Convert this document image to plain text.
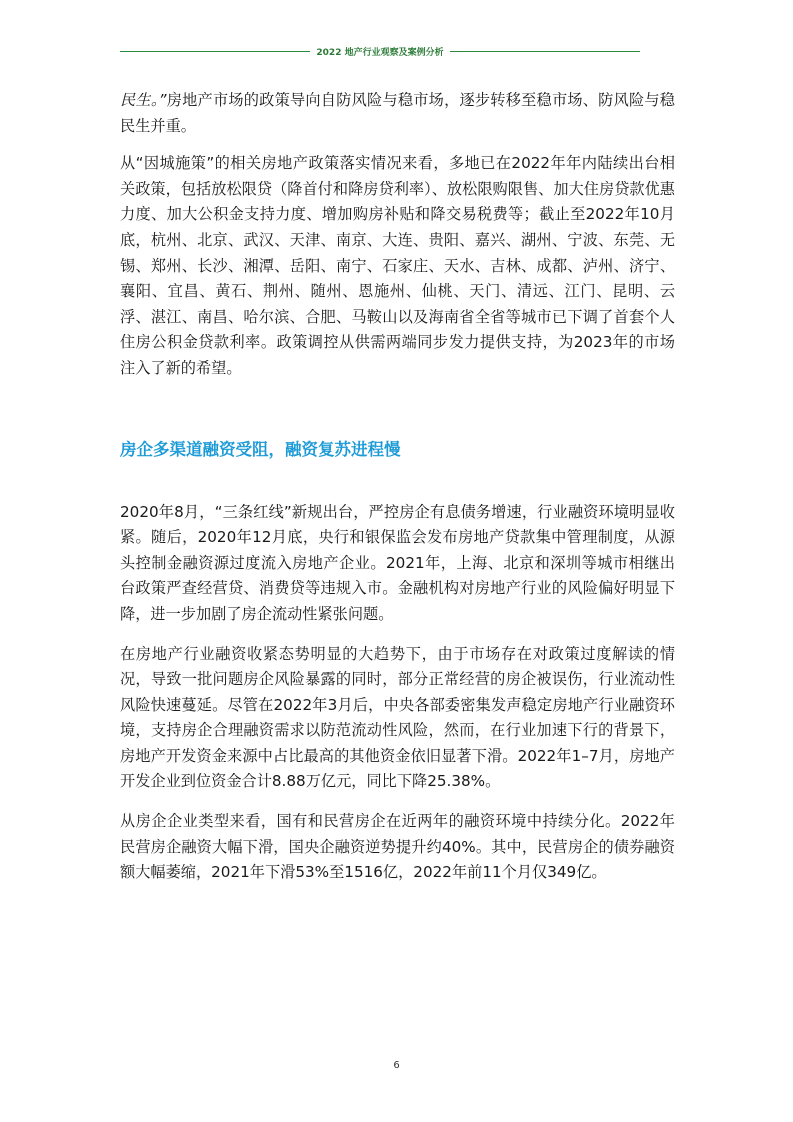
2022 地产行业观察及案例分析

民生。”房地产市场的政策导向自防风险与稳市场，逐步转移至稳市场、防风险与稳民生并重。

从“因城施策”的相关房地产政策落实情况来看，多地已在2022年年内陆续出台相关政策，包括放松限贷（降首付和降房贷利率）、放松限购限售、加大住房贷款优惠力度、加大公积金支持力度、增加购房补贴和降交易税费等；截止至2022年10月底，杭州、北京、武汉、天津、南京、大连、贵阳、嘉兴、湖州、宁波、东莞、无锡、郑州、长沙、湘潭、岳阳、南宁、石家庄、天水、吉林、成都、泸州、济宁、襄阳、宜昌、黄石、荆州、随州、恩施州、仙桃、天门、清远、江门、昆明、云浮、湛江、南昌、哈尔滨、合肥、马鞍山以及海南省全省等城市已下调了首套个人住房公积金贷款利率。政策调控从供需两端同步发力提供支持，为2023年的市场注入了新的希望。

房企多渠道融资受阻，融资复苏进程慢

2020年8月，“三条红线”新规出台，严控房企有息债务增速，行业融资环境明显收紧。随后，2020年12月底，央行和银保监会发布房地产贷款集中管理制度，从源头控制金融资源过度流入房地产企业。2021年，上海、北京和深圳等城市相继出台政策严查经营贷、消费贷等违规入市。金融机构对房地产行业的风险偏好明显下降，进一步加剧了房企流动性紧张问题。

在房地产行业融资收紧态势明显的大趋势下，由于市场存在对政策过度解读的情况，导致一批问题房企风险暴露的同时，部分正常经营的房企被误伤，行业流动性风险快速蔓延。尽管在2022年3月后，中央各部委密集发声稳定房地产行业融资环境，支持房企合理融资需求以防范流动性风险，然而，在行业加速下行的背景下，房地产开发资金来源中占比最高的其他资金依旧显著下滑。2022年1–7月，房地产开发企业到位资金合计8.88万亿元，同比下降25.38%。

从房企企业类型来看，国有和民营房企在近两年的融资环境中持续分化。2022年民营房企融资大幅下滑，国央企融资逆势提升约40%。其中，民营房企的债券融资额大幅萎缩，2021年下滑53%至1516亿，2022年前11个月仅349亿。

6
